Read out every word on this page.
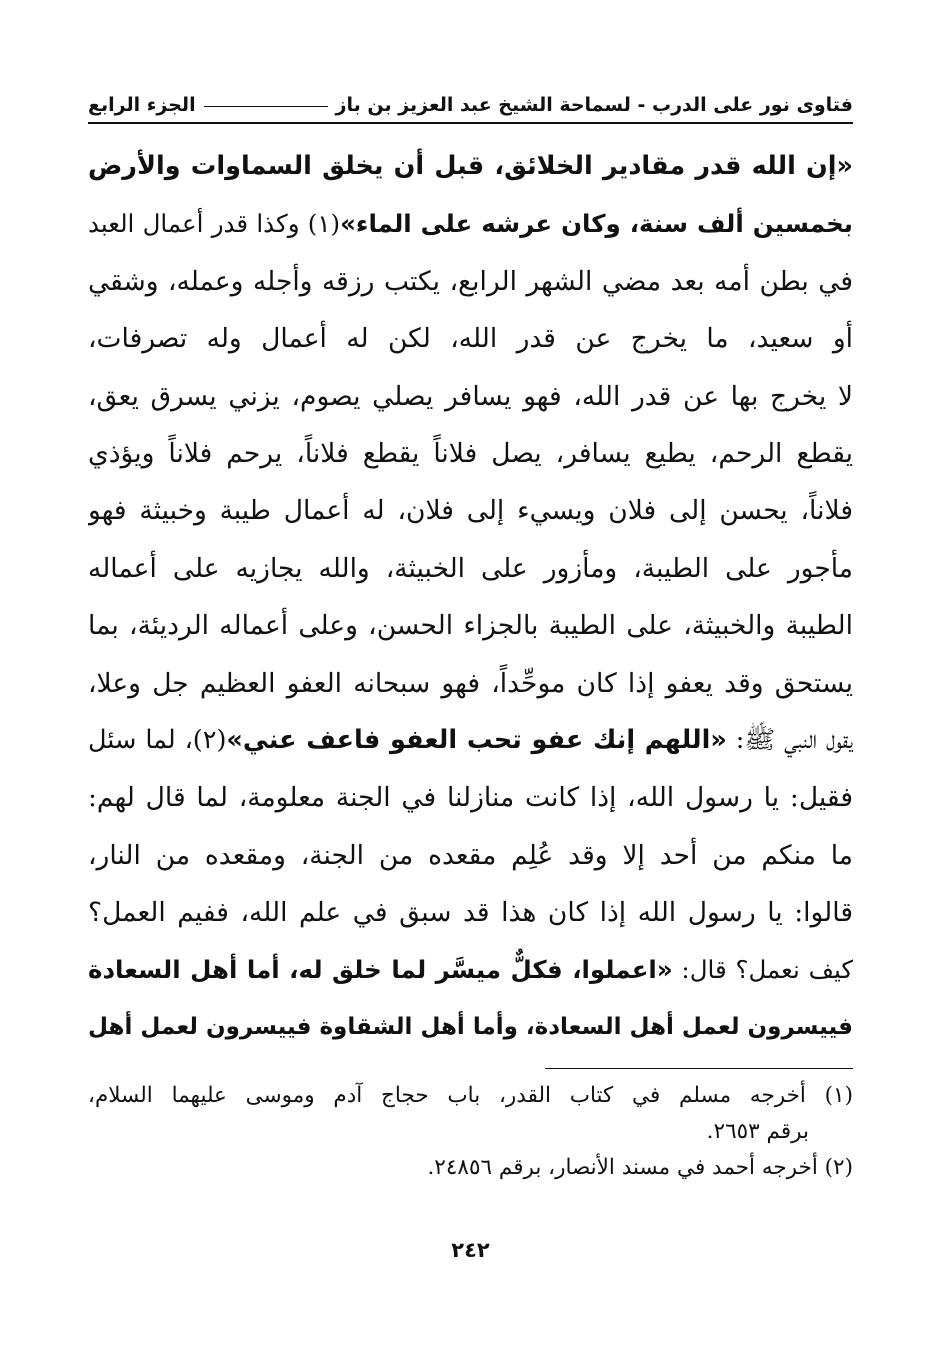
فتاوى نور على الدرب - لسماحة الشيخ عبد العزيز بن باز
الجزء الرابع
«إن الله قدر مقادير الخلائق، قبل أن يخلق السماوات والأرض
بخمسين ألف سنة، وكان عرشه على الماء»(١) وكذا قدر أعمال العبد
في بطن أمه بعد مضي الشهر الرابع، يكتب رزقه وأجله وعمله، وشقي
أو سعيد، ما يخرج عن قدر الله، لكن له أعمال وله تصرفات،
لا يخرج بها عن قدر الله، فهو يسافر يصلي يصوم، يزني يسرق يعق،
يقطع الرحم، يطيع يسافر، يصل فلاناً يقطع فلاناً، يرحم فلاناً ويؤذي
فلاناً، يحسن إلى فلان ويسيء إلى فلان، له أعمال طيبة وخبيثة فهو
مأجور على الطيبة، ومأزور على الخبيثة، والله يجازيه على أعماله
الطيبة والخبيثة، على الطيبة بالجزاء الحسن، وعلى أعماله الرديئة، بما
يستحق وقد يعفو إذا كان موحِّداً، فهو سبحانه العفو العظيم جل وعلا،
يقول النبي ﷺ: «اللهم إنك عفو تحب العفو فاعف عني»(٢)، لما سئل
فقيل: يا رسول الله، إذا كانت منازلنا في الجنة معلومة، لما قال لهم:
ما منكم من أحد إلا وقد عُلِم مقعده من الجنة، ومقعده من النار،
قالوا: يا رسول الله إذا كان هذا قد سبق في علم الله، ففيم العمل؟
كيف نعمل؟ قال: «اعملوا، فكلٌّ ميسَّر لما خلق له، أما أهل السعادة
فييسرون لعمل أهل السعادة، وأما أهل الشقاوة فييسرون لعمل أهل
(١) أخرجه مسلم في كتاب القدر، باب حجاج آدم وموسى عليهما السلام،
برقم ٢٦٥٣.
(٢) أخرجه أحمد في مسند الأنصار، برقم ٢٤٨٥٦.
٢٤٢
